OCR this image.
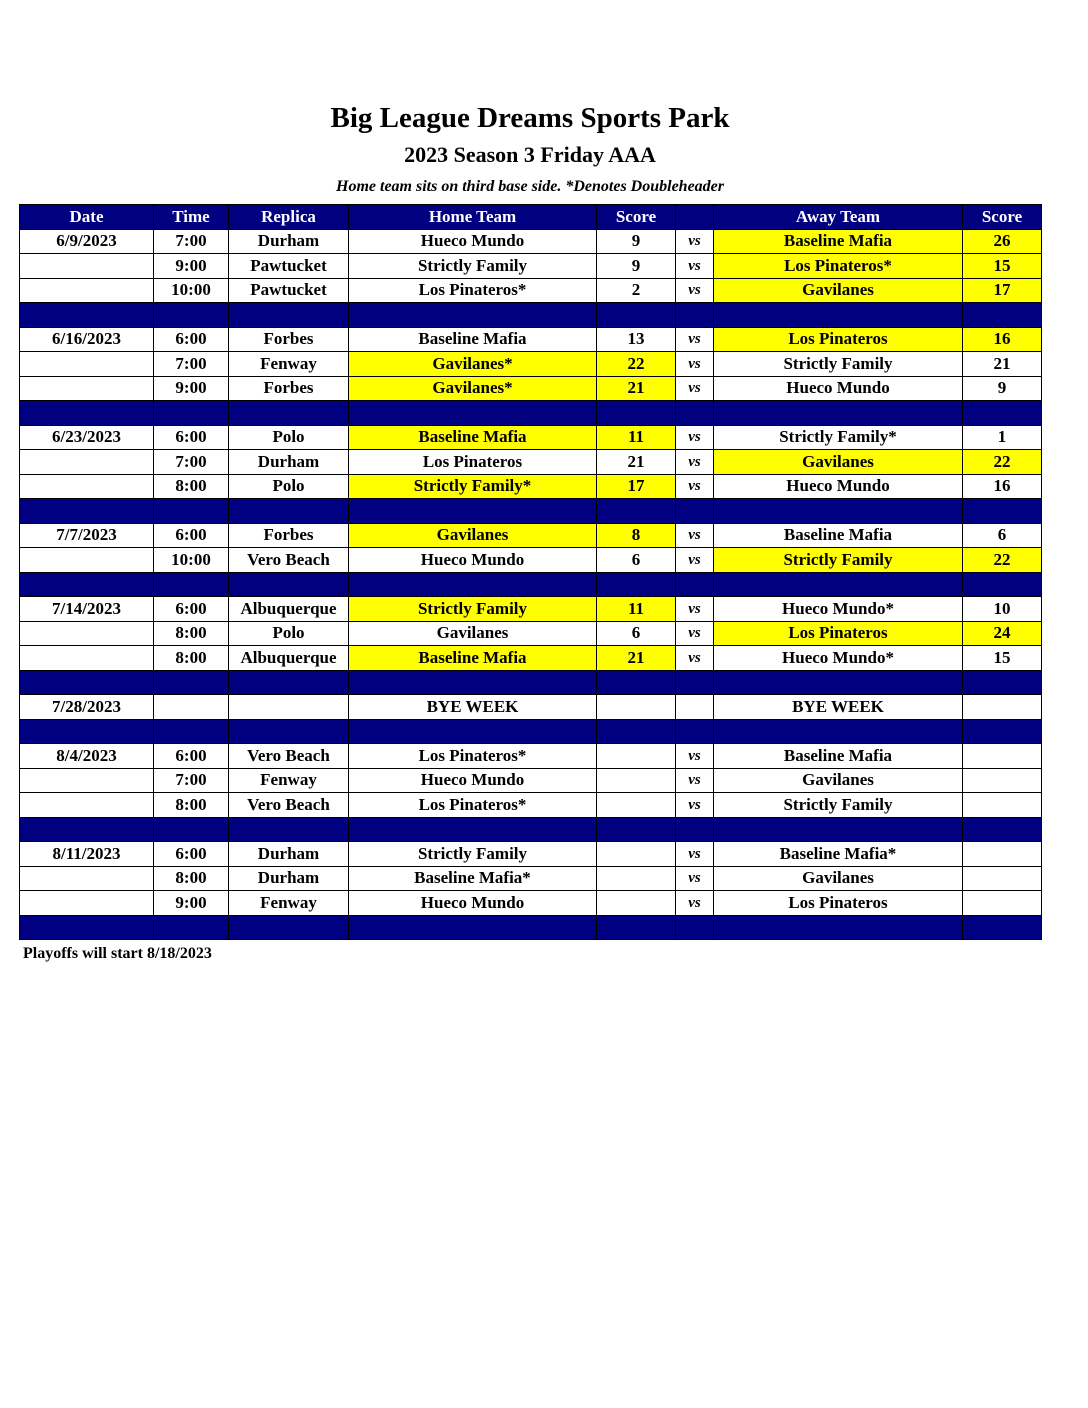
Big League Dreams Sports Park
2023 Season 3 Friday AAA
Home team sits on third base side. *Denotes Doubleheader
Date	Time	Replica	Home Team	Score		Away Team	Score
6/9/2023	7:00	Durham	Hueco Mundo	9	vs	Baseline Mafia	26
	9:00	Pawtucket	Strictly Family	9	vs	Los Pinateros*	15
	10:00	Pawtucket	Los Pinateros*	2	vs	Gavilanes	17

6/16/2023	6:00	Forbes	Baseline Mafia	13	vs	Los Pinateros	16
	7:00	Fenway	Gavilanes*	22	vs	Strictly Family	21
	9:00	Forbes	Gavilanes*	21	vs	Hueco Mundo	9

6/23/2023	6:00	Polo	Baseline Mafia	11	vs	Strictly Family*	1
	7:00	Durham	Los Pinateros	21	vs	Gavilanes	22
	8:00	Polo	Strictly Family*	17	vs	Hueco Mundo	16

7/7/2023	6:00	Forbes	Gavilanes	8	vs	Baseline Mafia	6
	10:00	Vero Beach	Hueco Mundo	6	vs	Strictly Family	22

7/14/2023	6:00	Albuquerque	Strictly Family	11	vs	Hueco Mundo*	10
	8:00	Polo	Gavilanes	6	vs	Los Pinateros	24
	8:00	Albuquerque	Baseline Mafia	21	vs	Hueco Mundo*	15

7/28/2023			BYE WEEK			BYE WEEK	

8/4/2023	6:00	Vero Beach	Los Pinateros*		vs	Baseline Mafia	
	7:00	Fenway	Hueco Mundo		vs	Gavilanes	
	8:00	Vero Beach	Los Pinateros*		vs	Strictly Family	

8/11/2023	6:00	Durham	Strictly Family		vs	Baseline Mafia*	
	8:00	Durham	Baseline Mafia*		vs	Gavilanes	
	9:00	Fenway	Hueco Mundo		vs	Los Pinateros	

Playoffs will start 8/18/2023
